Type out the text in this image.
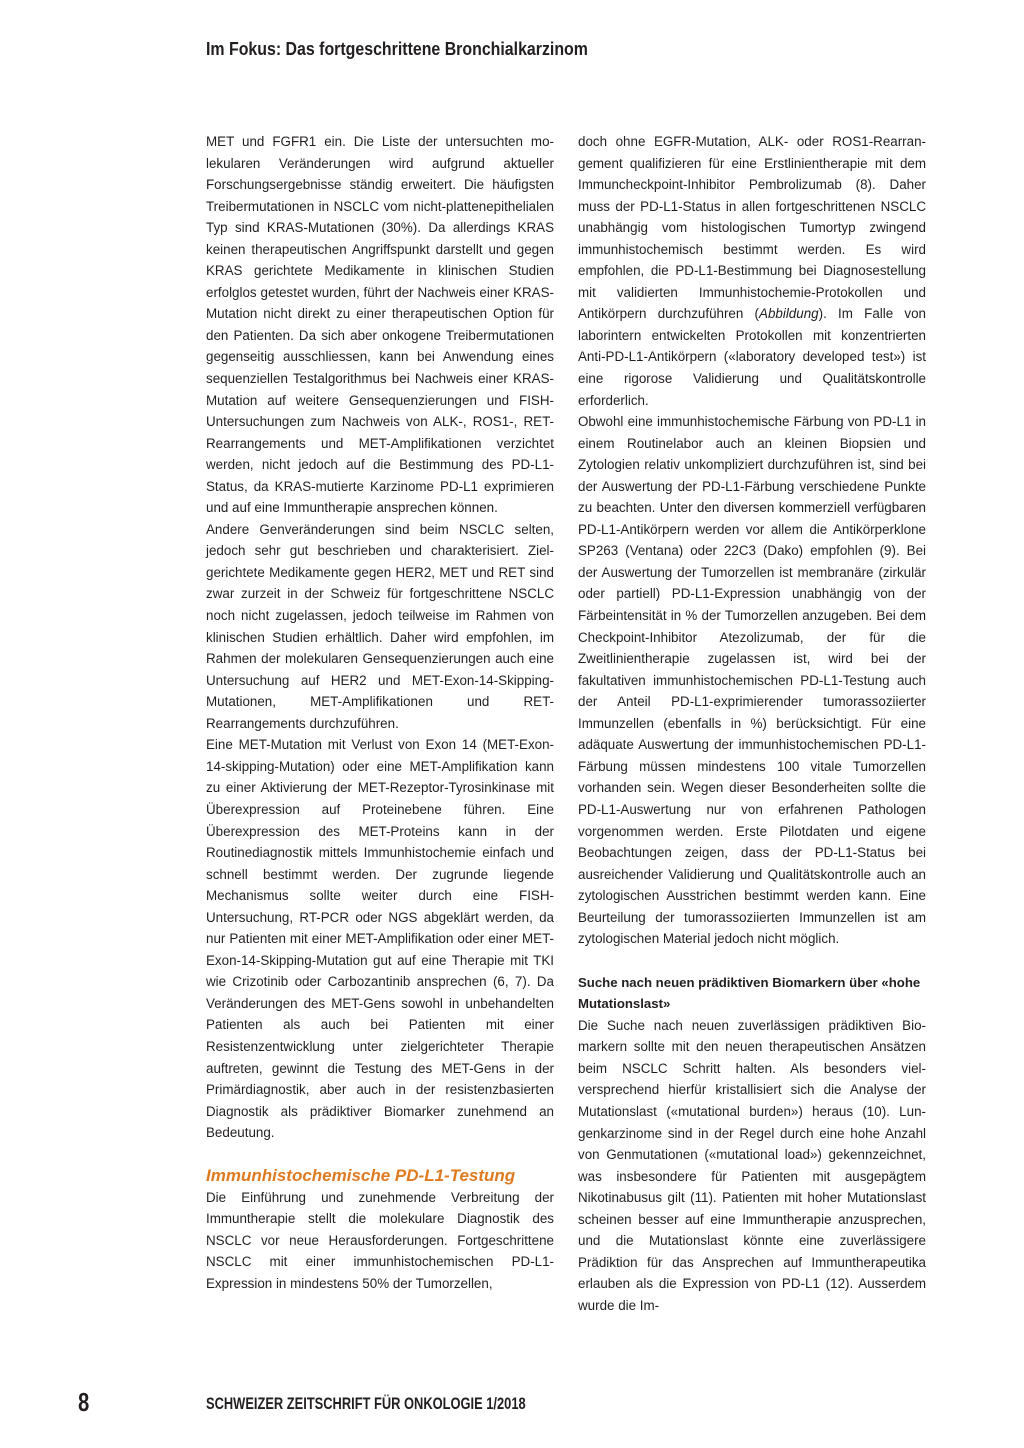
Im Fokus: Das fortgeschrittene Bronchialkarzinom

MET und FGFR1 ein. Die Liste der untersuchten molekularen Veränderungen wird aufgrund aktueller Forschungsergebnisse ständig erweitert. Die häufigsten Treibermutationen in NSCLC vom nicht-plattenepithelialen Typ sind KRAS-Mutationen (30%). Da allerdings KRAS keinen therapeutischen Angriffspunkt darstellt und gegen KRAS gerichtete Medikamente in klinischen Studien erfolglos getestet wurden, führt der Nachweis einer KRAS-Mutation nicht direkt zu einer therapeutischen Option für den Patienten. Da sich aber onkogene Treibermutationen gegenseitig ausschliessen, kann bei Anwendung eines sequenziellen Testalgorithmus bei Nachweis einer KRAS-Mutation auf weitere Gensequenzierungen und FISH-Untersuchungen zum Nachweis von ALK-, ROS1-, RET-Rearrangements und MET-Amplifikationen verzichtet werden, nicht jedoch auf die Bestimmung des PD-L1-Status, da KRAS-mutierte Karzinome PD-L1 exprimieren und auf eine Immuntherapie ansprechen können.

Andere Genveränderungen sind beim NSCLC selten, jedoch sehr gut beschrieben und charakterisiert. Zielgerichtete Medikamente gegen HER2, MET und RET sind zwar zurzeit in der Schweiz für fortgeschrittene NSCLC noch nicht zugelassen, jedoch teilweise im Rahmen von klinischen Studien erhältlich. Daher wird empfohlen, im Rahmen der molekularen Gensequenzierungen auch eine Untersuchung auf HER2 und MET-Exon-14-Skipping-Mutationen, MET-Amplifikationen und RET-Rearrangements durchzuführen.

Eine MET-Mutation mit Verlust von Exon 14 (MET-Exon-14-skipping-Mutation) oder eine MET-Amplifikation kann zu einer Aktivierung der MET-Rezeptor-Tyrosinkinase mit Überexpression auf Proteinebene führen. Eine Überexpression des MET-Proteins kann in der Routinediagnostik mittels Immunhistochemie einfach und schnell bestimmt werden. Der zugrunde liegende Mechanismus sollte weiter durch eine FISH-Untersuchung, RT-PCR oder NGS abgeklärt werden, da nur Patienten mit einer MET-Amplifikation oder einer MET-Exon-14-Skipping-Mutation gut auf eine Therapie mit TKI wie Crizotinib oder Carbozantinib ansprechen (6, 7). Da Veränderungen des MET-Gens sowohl in unbehandelten Patienten als auch bei Patienten mit einer Resistenzentwicklung unter zielgerichteter Therapie auftreten, gewinnt die Testung des MET-Gens in der Primärdiagnostik, aber auch in der resistenzbasierten Diagnostik als prädiktiver Biomarker zunehmend an Bedeutung.

Immunhistochemische PD-L1-Testung

Die Einführung und zunehmende Verbreitung der Immuntherapie stellt die molekulare Diagnostik des NSCLC vor neue Herausforderungen. Fortgeschrittene NSCLC mit einer immunhistochemischen PD-L1-Expression in mindestens 50% der Tumorzellen,

doch ohne EGFR-Mutation, ALK- oder ROS1-Rearrangement qualifizieren für eine Erstlinientherapie mit dem Immuncheckpoint-Inhibitor Pembrolizumab (8). Daher muss der PD-L1-Status in allen fortgeschrittenen NSCLC unabhängig vom histologischen Tumortyp zwingend immunhistochemisch bestimmt werden. Es wird empfohlen, die PD-L1-Bestimmung bei Diagnosestellung mit validierten Immunhistochemie-Protokollen und Antikörpern durchzuführen (Abbildung). Im Falle von laborintern entwickelten Protokollen mit konzentrierten Anti-PD-L1-Antikörpern («laboratory developed test») ist eine rigorose Validierung und Qualitätskontrolle erforderlich.

Obwohl eine immunhistochemische Färbung von PD-L1 in einem Routinelabor auch an kleinen Biopsien und Zytologien relativ unkompliziert durchzuführen ist, sind bei der Auswertung der PD-L1-Färbung verschiedene Punkte zu beachten. Unter den diversen kommerziell verfügbaren PD-L1-Antikörpern werden vor allem die Antikörperklone SP263 (Ventana) oder 22C3 (Dako) empfohlen (9). Bei der Auswertung der Tumorzellen ist membranäre (zirkulär oder partiell) PD-L1-Expression unabhängig von der Färbeintensität in % der Tumorzellen anzugeben. Bei dem Checkpoint-Inhibitor Atezolizumab, der für die Zweitlinientherapie zugelassen ist, wird bei der fakultativen immunhistochemischen PD-L1-Testung auch der Anteil PD-L1-exprimierender tumorassoziierter Immunzellen (ebenfalls in %) berücksichtigt. Für eine adäquate Auswertung der immunhistochemischen PD-L1-Färbung müssen mindestens 100 vitale Tumorzellen vorhanden sein. Wegen dieser Besonderheiten sollte die PD-L1-Auswertung nur von erfahrenen Pathologen vorgenommen werden. Erste Pilotdaten und eigene Beobachtungen zeigen, dass der PD-L1-Status bei ausreichender Validierung und Qualitätskontrolle auch an zytologischen Ausstrichen bestimmt werden kann. Eine Beurteilung der tumorassoziierten Immunzellen ist am zytologischen Material jedoch nicht möglich.

Suche nach neuen prädiktiven Biomarkern über «hohe Mutationslast»

Die Suche nach neuen zuverlässigen prädiktiven Biomarkern sollte mit den neuen therapeutischen Ansätzen beim NSCLC Schritt halten. Als besonders vielversprechend hierfür kristallisiert sich die Analyse der Mutationslast («mutational burden») heraus (10). Lungenkarzinome sind in der Regel durch eine hohe Anzahl von Genmutationen («mutational load») gekennzeichnet, was insbesondere für Patienten mit ausgepägtem Nikotinabusus gilt (11). Patienten mit hoher Mutationslast scheinen besser auf eine Immuntherapie anzusprechen, und die Mutationslast könnte eine zuverlässigere Prädiktion für das Ansprechen auf Immuntherapeutika erlauben als die Expression von PD-L1 (12). Ausserdem wurde die Im-

8	SCHWEIZER ZEITSCHRIFT FÜR ONKOLOGIE 1/2018
